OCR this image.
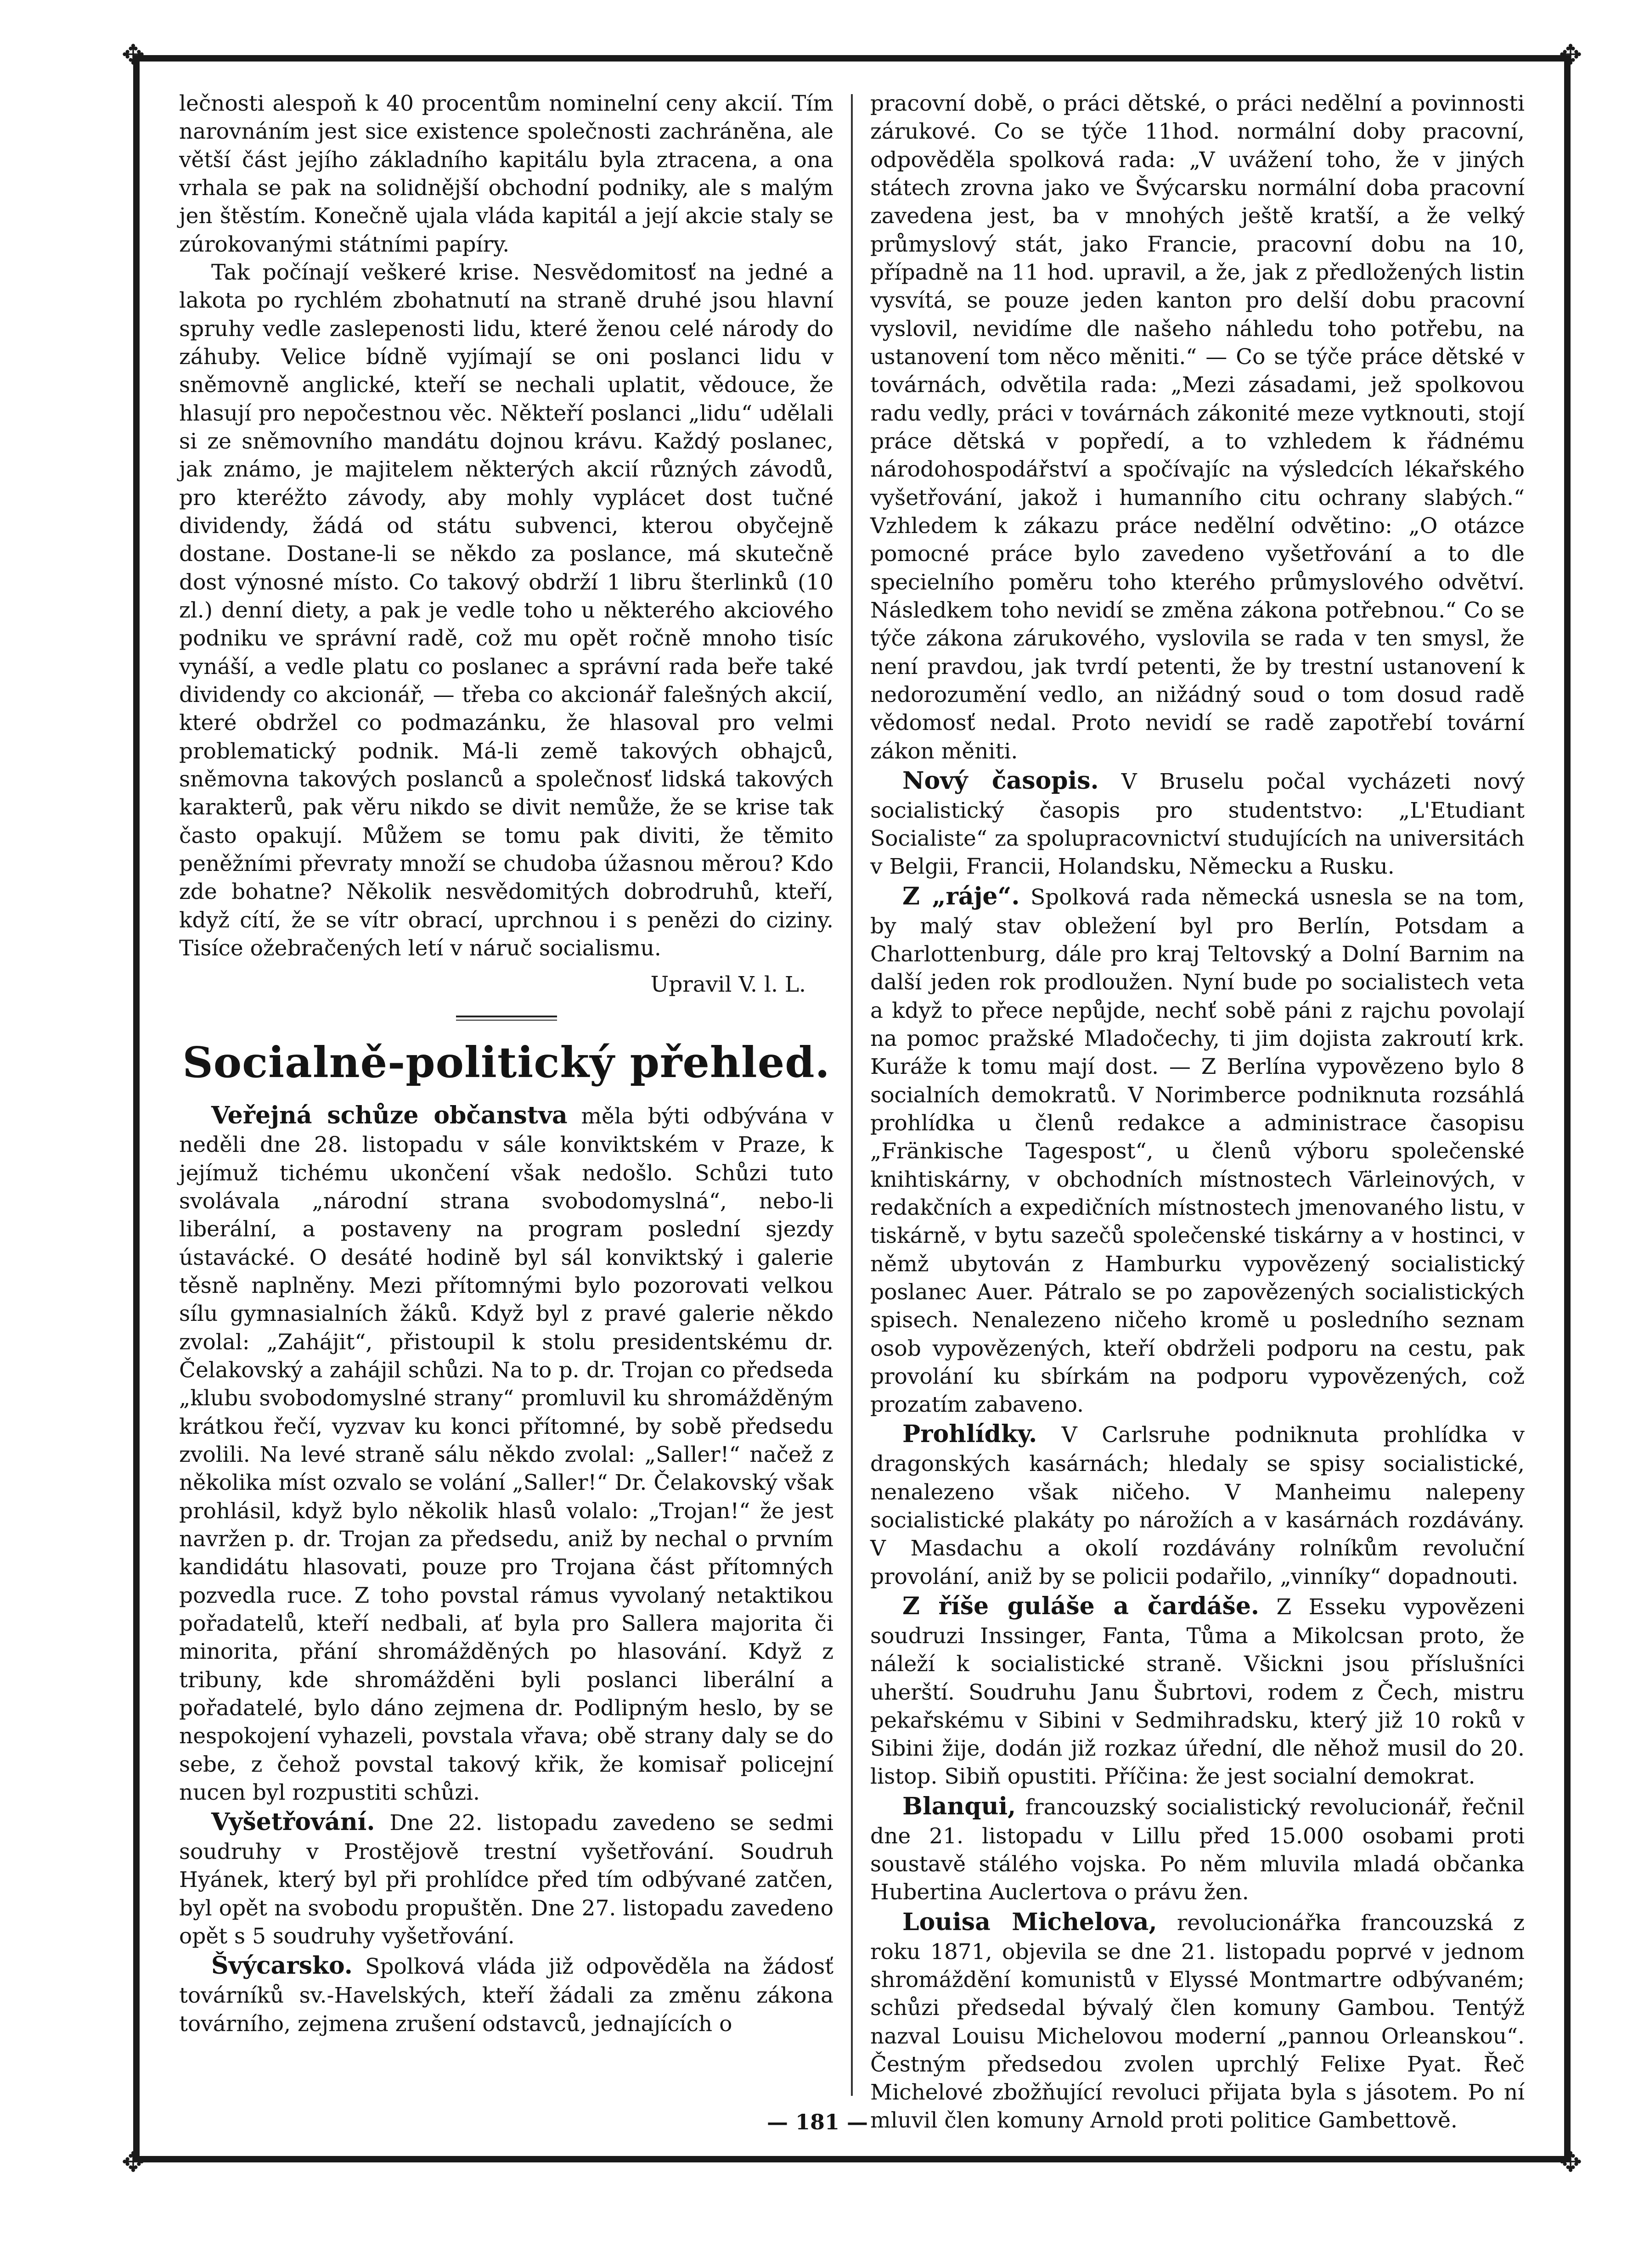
✥	✥
✥	✥

lečnosti alespoň k 40 procentům nominelní ceny akcií. Tím narovnáním jest sice existence společnosti zachráněna, ale větší část jejího základního kapitálu byla ztracena, a ona vrhala se pak na solidnější obchodní podniky, ale s malým jen štěstím. Konečně ujala vláda kapitál a její akcie staly se zúrokovanými státními papíry.

Tak počínají veškeré krise. Nesvědomitosť na jedné a lakota po rychlém zbohatnutí na straně druhé jsou hlavní spruhy vedle zaslepenosti lidu, které ženou celé národy do záhuby. Velice bídně vyjímají se oni poslanci lidu v sněmovně anglické, kteří se nechali uplatit, vědouce, že hlasují pro nepočestnou věc. Někteří poslanci „lidu“ udělali si ze sněmovního mandátu dojnou krávu. Každý poslanec, jak známo, je majitelem některých akcií různých závodů, pro kteréžto závody, aby mohly vyplácet dost tučné dividendy, žádá od státu subvenci, kterou obyčejně dostane. Dostane-li se někdo za poslance, má skutečně dost výnosné místo. Co takový obdrží 1 libru šterlinků (10 zl.) denní diety, a pak je vedle toho u některého akciového podniku ve správní radě, což mu opět ročně mnoho tisíc vynáší, a vedle platu co poslanec a správní rada beře také dividendy co akcionář, — třeba co akcionář falešných akcií, které obdržel co podmazánku, že hlasoval pro velmi problematický podnik. Má-li země takových obhajců, sněmovna takových poslanců a společnosť lidská takových karakterů, pak věru nikdo se divit nemůže, že se krise tak často opakují. Můžem se tomu pak diviti, že těmito peněžními převraty množí se chudoba úžasnou měrou? Kdo zde bohatne? Několik nesvědomitých dobrodruhů, kteří, když cítí, že se vítr obrací, uprchnou i s penězi do ciziny. Tisíce ožebračených letí v náruč socialismu.

Upravil V. l. L.
Socialně-politický přehled.

Veřejná schůze občanstva měla býti odbývána v neděli dne 28. listopadu v sále konviktském v Praze, k jejímuž tichému ukončení však nedošlo. Schůzi tuto svolávala „národní strana svobodomyslná“, nebo-li liberální, a postaveny na program poslední sjezdy ústavácké. O desáté hodině byl sál konviktský i galerie těsně naplněny. Mezi přítomnými bylo pozorovati velkou sílu gymnasialních žáků. Když byl z pravé galerie někdo zvolal: „Zahájit“, přistoupil k stolu presidentskému dr. Čelakovský a zahájil schůzi. Na to p. dr. Trojan co předseda „klubu svobodomyslné strany“ promluvil ku shromážděným krátkou řečí, vyzvav ku konci přítomné, by sobě předsedu zvolili. Na levé straně sálu někdo zvolal: „Saller!“ načež z několika míst ozvalo se volání „Saller!“ Dr. Čelakovský však prohlásil, když bylo několik hlasů volalo: „Trojan!“ že jest navržen p. dr. Trojan za předsedu, aniž by nechal o prvním kandidátu hlasovati, pouze pro Trojana část přítomných pozvedla ruce. Z toho povstal rámus vyvolaný netaktikou pořadatelů, kteří nedbali, ať byla pro Sallera majorita či minorita, přání shromážděných po hlasování. Když z tribuny, kde shromážděni byli poslanci liberální a pořadatelé, bylo dáno zejmena dr. Podlipným heslo, by se nespokojení vyhazeli, povstala vřava; obě strany daly se do sebe, z čehož povstal takový křik, že komisař policejní nucen byl rozpustiti schůzi.

Vyšetřování. Dne 22. listopadu zavedeno se sedmi soudruhy v Prostějově trestní vyšetřování. Soudruh Hyánek, který byl při prohlídce před tím odbývané zatčen, byl opět na svobodu propuštěn. Dne 27. listopadu zavedeno opět s 5 soudruhy vyšetřování.

Švýcarsko. Spolková vláda již odpověděla na žádosť továrníků sv.-Havelských, kteří žádali za změnu zákona továrního, zejmena zrušení odstavců, jednajících o

pracovní době, o práci dětské, o práci nedělní a povinnosti zárukové. Co se týče 11hod. normální doby pracovní, odpověděla spolková rada: „V uvážení toho, že v jiných státech zrovna jako ve Švýcarsku normální doba pracovní zavedena jest, ba v mnohých ještě kratší, a že velký průmyslový stát, jako Francie, pracovní dobu na 10, případně na 11 hod. upravil, a že, jak z předložených listin vysvítá, se pouze jeden kanton pro delší dobu pracovní vyslovil, nevidíme dle našeho náhledu toho potřebu, na ustanovení tom něco měniti.“ — Co se týče práce dětské v továrnách, odvětila rada: „Mezi zásadami, jež spolkovou radu vedly, práci v továrnách zákonité meze vytknouti, stojí práce dětská v popředí, a to vzhledem k řádnému národohospodářství a spočívajíc na výsledcích lékařského vyšetřování, jakož i humanního citu ochrany slabých.“ Vzhledem k zákazu práce nedělní odvětino: „O otázce pomocné práce bylo zavedeno vyšetřování a to dle specielního poměru toho kterého průmyslového odvětví. Následkem toho nevidí se změna zákona potřebnou.“ Co se týče zákona zárukového, vyslovila se rada v ten smysl, že není pravdou, jak tvrdí petenti, že by trestní ustanovení k nedorozumění vedlo, an nižádný soud o tom dosud radě vědomosť nedal. Proto nevidí se radě zapotřebí tovární zákon měniti.

Nový časopis. V Bruselu počal vycházeti nový socialistický časopis pro studentstvo: „L'Etudiant Socialiste“ za spolupracovnictví studujících na universitách v Belgii, Francii, Holandsku, Německu a Rusku.

Z „ráje“. Spolková rada německá usnesla se na tom, by malý stav obležení byl pro Berlín, Potsdam a Charlottenburg, dále pro kraj Teltovský a Dolní Barnim na další jeden rok prodloužen. Nyní bude po socialistech veta a když to přece nepůjde, nechť sobě páni z rajchu povolají na pomoc pražské Mladočechy, ti jim dojista zakroutí krk. Kuráže k tomu mají dost. — Z Berlína vypovězeno bylo 8 socialních demokratů. V Norimberce podniknuta rozsáhlá prohlídka u členů redakce a administrace časopisu „Fränkische Tagespost“, u členů výboru společenské knihtiskárny, v obchodních místnostech Värleinových, v redakčních a expedičních místnostech jmenovaného listu, v tiskárně, v bytu sazečů společenské tiskárny a v hostinci, v němž ubytován z Hamburku vypovězený socialistický poslanec Auer. Pátralo se po zapovězených socialistických spisech. Nenalezeno ničeho kromě u posledního seznam osob vypovězených, kteří obdrželi podporu na cestu, pak provolání ku sbírkám na podporu vypovězených, což prozatím zabaveno.

Prohlídky. V Carlsruhe podniknuta prohlídka v dragonských kasárnách; hledaly se spisy socialistické, nenalezeno však ničeho. V Manheimu nalepeny socialistické plakáty po nárožích a v kasárnách rozdávány. V Masdachu a okolí rozdávány rolníkům revoluční provolání, aniž by se policii podařilo, „vinníky“ dopadnouti.

Z říše guláše a čardáše. Z Esseku vypovězeni soudruzi Inssinger, Fanta, Tůma a Mikolcsan proto, že náleží k socialistické straně. Všickni jsou příslušníci uherští. Soudruhu Janu Šubrtovi, rodem z Čech, mistru pekařskému v Sibini v Sedmihradsku, který již 10 roků v Sibini žije, dodán již rozkaz úřední, dle něhož musil do 20. listop. Sibiň opustiti. Příčina: že jest socialní demokrat.

Blanqui, francouzský socialistický revolucionář, řečnil dne 21. listopadu v Lillu před 15.000 osobami proti soustavě stálého vojska. Po něm mluvila mladá občanka Hubertina Auclertova o právu žen.

Louisa Michelova, revolucionářka francouzská z roku 1871, objevila se dne 21. listopadu poprvé v jednom shromáždění komunistů v Elyssé Montmartre odbývaném; schůzi předsedal bývalý člen komuny Gambou. Tentýž nazval Louisu Michelovou moderní „pannou Orleanskou“. Čestným předsedou zvolen uprchlý Felixe Pyat. Řeč Michelové zbožňující revoluci přijata byla s jásotem. Po ní mluvil člen komuny Arnold proti politice Gambettově.

— 181 —
